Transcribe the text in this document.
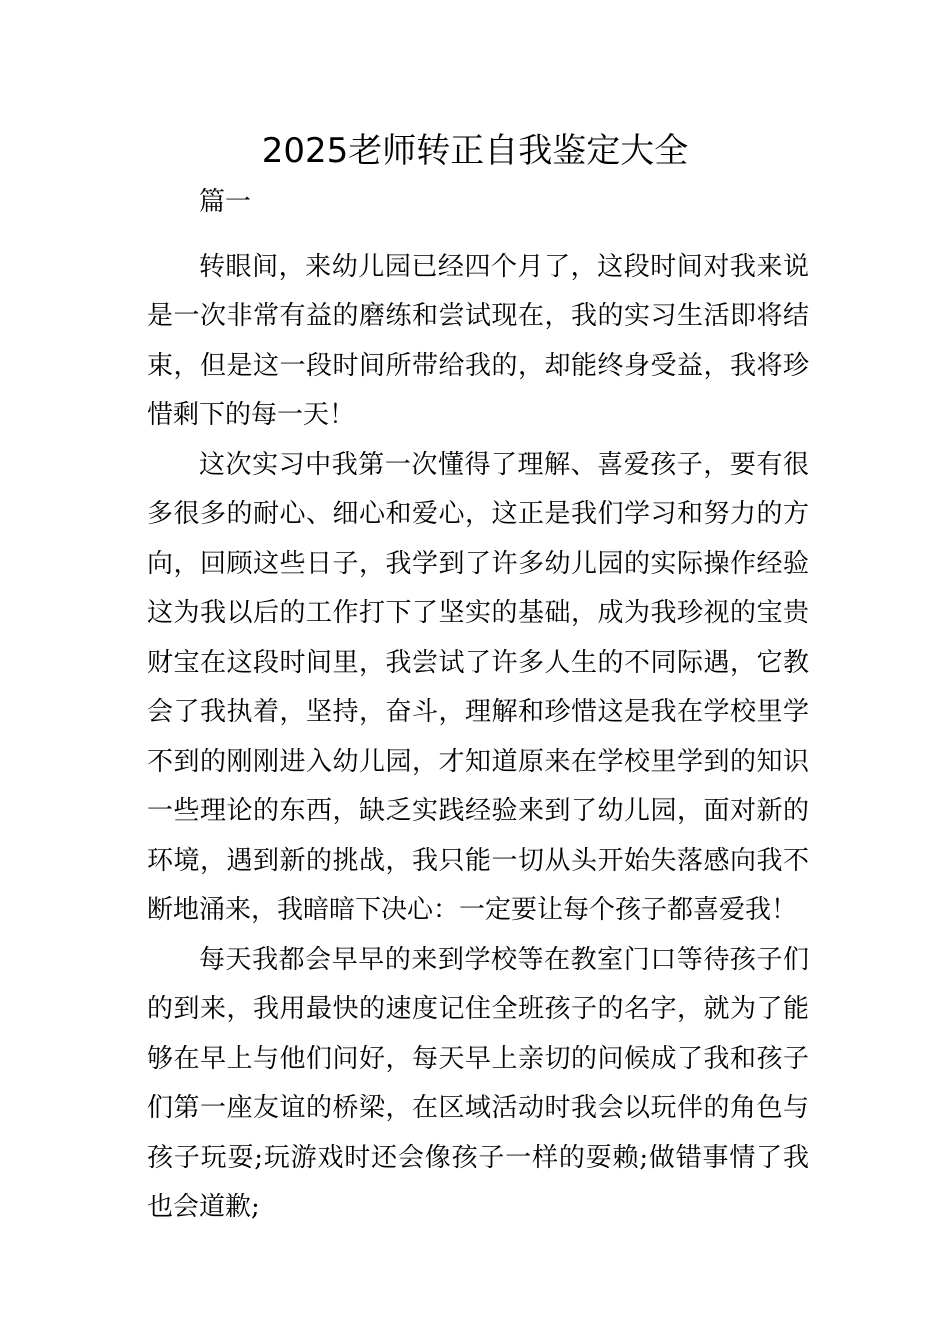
2025老师转正自我鉴定大全

篇一

转眼间，来幼儿园已经四个月了，这段时间对我来说是一次非常有益的磨练和尝试现在，我的实习生活即将结束，但是这一段时间所带给我的，却能终身受益，我将珍惜剩下的每一天！

这次实习中我第一次懂得了理解、喜爱孩子，要有很多很多的耐心、细心和爱心，这正是我们学习和努力的方向，回顾这些日子，我学到了许多幼儿园的实际操作经验这为我以后的工作打下了坚实的基础，成为我珍视的宝贵财宝在这段时间里，我尝试了许多人生的不同际遇，它教会了我执着，坚持，奋斗，理解和珍惜这是我在学校里学不到的刚刚进入幼儿园，才知道原来在学校里学到的知识一些理论的东西，缺乏实践经验来到了幼儿园，面对新的环境，遇到新的挑战，我只能一切从头开始失落感向我不断地涌来，我暗暗下决心：一定要让每个孩子都喜爱我！

每天我都会早早的来到学校等在教室门口等待孩子们的到来，我用最快的速度记住全班孩子的名字，就为了能够在早上与他们问好，每天早上亲切的问候成了我和孩子们第一座友谊的桥梁，在区域活动时我会以玩伴的角色与孩子玩耍;玩游戏时还会像孩子一样的耍赖;做错事情了我也会道歉;
